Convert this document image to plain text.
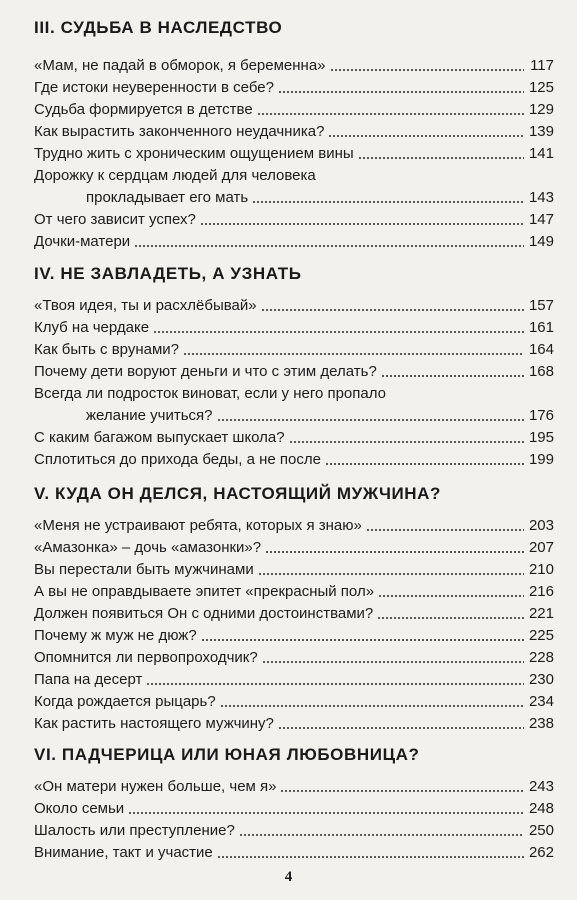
III. СУДЬБА В НАСЛЕДСТВО
«Мам, не падай в обморок, я беременна»	117
Где истоки неуверенности в себе?	125
Судьба формируется в детстве	129
Как вырастить законченного неудачника?	139
Трудно жить с хроническим ощущением вины	141
Дорожку к сердцам людей для человека
прокладывает его мать	143
От чего зависит успех?	147
Дочки-матери	149
IV. НЕ ЗАВЛАДЕТЬ, А УЗНАТЬ
«Твоя идея, ты и расхлёбывай»	157
Клуб на чердаке	161
Как быть с врунами?	164
Почему дети воруют деньги и что с этим делать?	168
Всегда ли подросток виноват, если у него пропало
желание учиться?	176
С каким багажом выпускает школа?	195
Сплотиться до прихода беды, а не после	199
V. КУДА ОН ДЕЛСЯ, НАСТОЯЩИЙ МУЖЧИНА?
«Меня не устраивают ребята, которых я знаю»	203
«Амазонка» – дочь «амазонки»?	207
Вы перестали быть мужчинами	210
А вы не оправдываете эпитет «прекрасный пол»	216
Должен появиться Он с одними достоинствами?	221
Почему ж муж не дюж?	225
Опомнится ли первопроходчик?	228
Папа на десерт	230
Когда рождается рыцарь?	234
Как растить настоящего мужчину?	238
VI. ПАДЧЕРИЦА ИЛИ ЮНАЯ ЛЮБОВНИЦА?
«Он матери нужен больше, чем я»	243
Около семьи	248
Шалость или преступление?	250
Внимание, такт и участие	262
4
